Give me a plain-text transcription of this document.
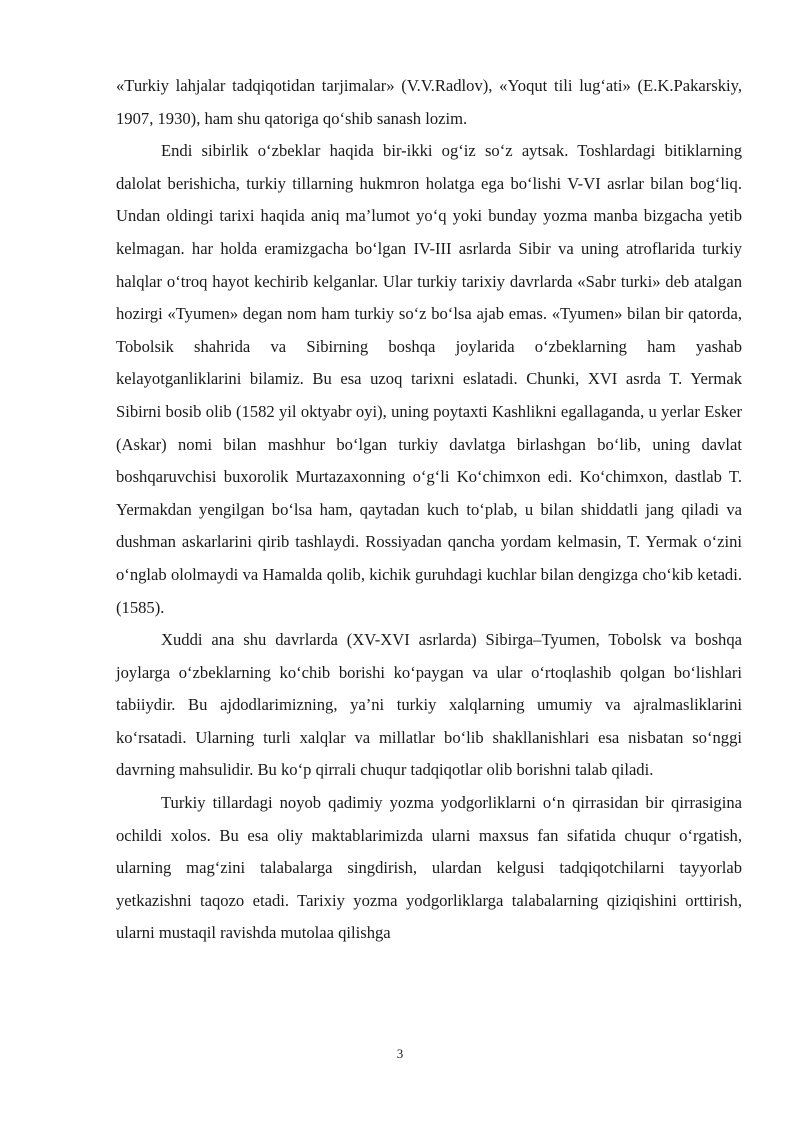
«Turkiy lahjalar tadqiqotidan tarjimalar» (V.V.Radlov), «Yoqut tili lug‘ati» (E.K.Pakarskiy, 1907, 1930), ham shu qatoriga qo‘shib sanash lozim.

Endi sibirlik o‘zbeklar haqida bir-ikki og‘iz so‘z aytsak. Toshlardagi bitiklarning dalolat berishicha, turkiy tillarning hukmron holatga ega bo‘lishi V-VI asrlar bilan bog‘liq. Undan oldingi tarixi haqida aniq ma’lumot yo‘q yoki bunday yozma manba bizgacha yetib kelmagan. har holda eramizgacha bo‘lgan IV-III asrlarda Sibir va uning atroflarida turkiy halqlar o‘troq hayot kechirib kelganlar. Ular turkiy tarixiy davrlarda «Sabr turki» deb atalgan hozirgi «Tyumen» degan nom ham turkiy so‘z bo‘lsa ajab emas. «Tyumen» bilan bir qatorda, Tobolsik shahrida va Sibirning boshqa joylarida o‘zbeklarning ham yashab kelayotganliklarini bilamiz. Bu esa uzoq tarixni eslatadi. Chunki, XVI asrda T. Yermak Sibirni bosib olib (1582 yil oktyabr oyi), uning poytaxti Kashlikni egallaganda, u yerlar Esker (Askar) nomi bilan mashhur bo‘lgan turkiy davlatga birlashgan bo‘lib, uning davlat boshqaruvchisi buxorolik Murtazaxonning o‘g‘li Ko‘chimxon edi. Ko‘chimxon, dastlab T. Yermakdan yengilgan bo‘lsa ham, qaytadan kuch to‘plab, u bilan shiddatli jang qiladi va dushman askarlarini qirib tashlaydi. Rossiyadan qancha yordam kelmasin, T. Yermak o‘zini o‘nglab ololmaydi va Hamalda qolib, kichik guruhdagi kuchlar bilan dengizga cho‘kib ketadi. (1585).

Xuddi ana shu davrlarda (XV-XVI asrlarda) Sibirga–Tyumen, Tobolsk va boshqa joylarga o‘zbeklarning ko‘chib borishi ko‘paygan va ular o‘rtoqlashib qolgan bo‘lishlari tabiiydir. Bu ajdodlarimizning, ya’ni turkiy xalqlarning umumiy va ajralmasliklarini ko‘rsatadi. Ularning turli xalqlar va millatlar bo‘lib shakllanishlari esa nisbatan so‘nggi davrning mahsulidir. Bu ko‘p qirrali chuqur tadqiqotlar olib borishni talab qiladi.

Turkiy tillardagi noyob qadimiy yozma yodgorliklarni o‘n qirrasidan bir qirrasigina ochildi xolos. Bu esa oliy maktablarimizda ularni maxsus fan sifatida chuqur o‘rgatish, ularning mag‘zini talabalarga singdirish, ulardan kelgusi tadqiqotchilarni tayyorlab yetkazishni taqozo etadi. Tarixiy yozma yodgorliklarga talabalarning qiziqishini orttirish, ularni mustaqil ravishda mutolaa qilishga

3
